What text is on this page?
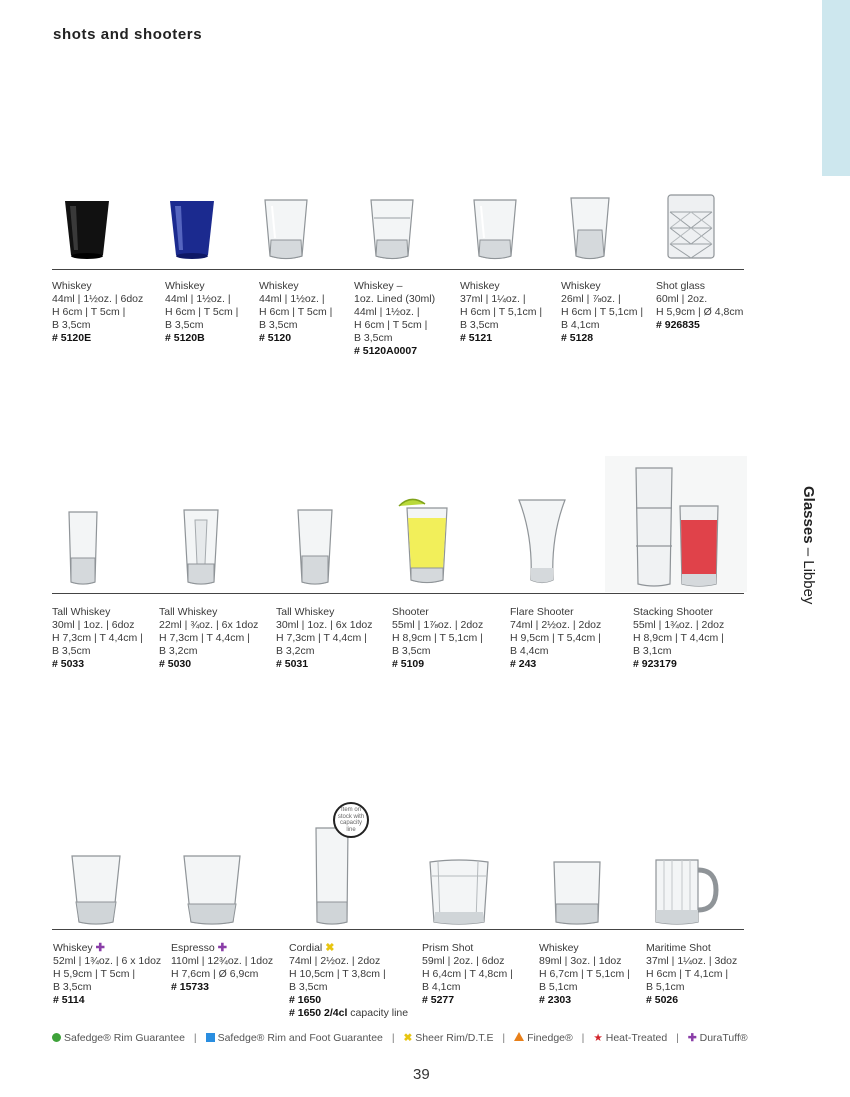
shots and shooters
Glasses – Libbey
Whiskey
44ml | 1½oz. | 6doz
H 6cm | T 5cm |
B 3,5cm
# 5120E
Whiskey
44ml | 1½oz. |
H 6cm | T 5cm |
B 3,5cm
# 5120B
Whiskey
44ml | 1½oz. |
H 6cm | T 5cm |
B 3,5cm
# 5120
Whiskey –
1oz. Lined (30ml)
44ml | 1½oz. |
H 6cm | T 5cm |
B 3,5cm
# 5120A0007
Whiskey
37ml | 1¼oz. |
H 6cm | T 5,1cm |
B 3,5cm
# 5121
Whiskey
26ml | ⅞oz. |
H 6cm | T 5,1cm |
B 4,1cm
# 5128
Shot glass
60ml | 2oz.
H 5,9cm | Ø 4,8cm
# 926835
Tall Whiskey
30ml | 1oz. | 6doz
H 7,3cm | T 4,4cm |
B 3,5cm
# 5033
Tall Whiskey
22ml | ¾oz. | 6x 1doz
H 7,3cm | T 4,4cm |
B 3,2cm
# 5030
Tall Whiskey
30ml | 1oz. | 6x 1doz
H 7,3cm | T 4,4cm |
B 3,2cm
# 5031
Shooter
55ml | 1⅞oz. | 2doz
H 8,9cm | T 5,1cm |
B 3,5cm
# 5109
Flare Shooter
74ml | 2½oz. | 2doz
H 9,5cm | T 5,4cm |
B 4,4cm
# 243
Stacking Shooter
55ml | 1¾oz. | 2doz
H 8,9cm | T 4,4cm |
B 3,1cm
# 923179
Item on stock with capacity line
Whiskey ✚
52ml | 1¾oz. | 6 x 1doz
H 5,9cm | T 5cm |
B 3,5cm
# 5114
Espresso ✚
110ml | 12¾oz. | 1doz
H 7,6cm | Ø 6,9cm
# 15733
Cordial ✖
74ml | 2½oz. | 2doz
H 10,5cm | T 3,8cm |
B 3,5cm
# 1650
# 1650 2/4cl capacity line
Prism Shot
59ml | 2oz. | 6doz
H 6,4cm | T 4,8cm |
B 4,1cm
# 5277
Whiskey
89ml | 3oz. | 1doz
H 6,7cm | T 5,1cm |
B 5,1cm
# 2303
Maritime Shot
37ml | 1¼oz. | 3doz
H 6cm | T 4,1cm |
B 5,1cm
# 5026
Safedge® Rim Guarantee | Safedge® Rim and Foot Guarantee | ✖ Sheer Rim/D.T.E | Finedge® | ★ Heat-Treated | ✚ DuraTuff®
39
